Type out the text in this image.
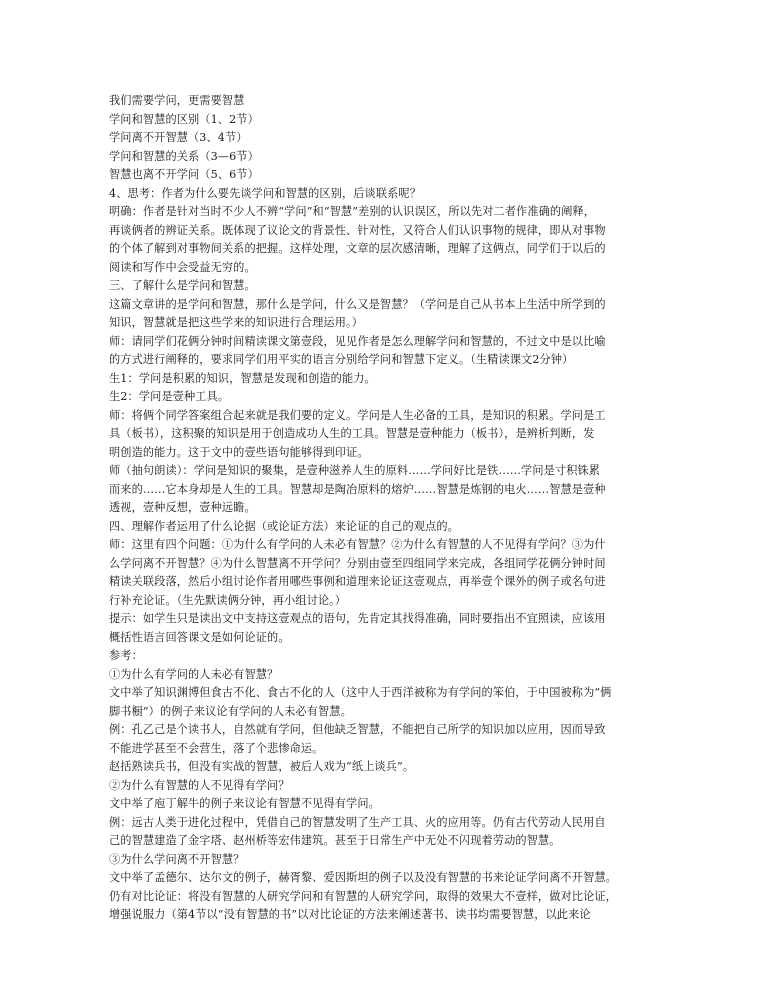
我们需要学问，更需要智慧

学问和智慧的区别（1、2节）

学问离不开智慧（3、4节）

学问和智慧的关系（3—6节）

智慧也离不开学问（5、6节）

4、思考：作者为什么要先谈学问和智慧的区别，后谈联系呢？

明确：作者是针对当时不少人不辨“学问”和“智慧”差别的认识误区，所以先对二者作准确的阐释，

再谈俩者的辨证关系。既体现了议论文的背景性、针对性，又符合人们认识事物的规律，即从对事物

的个体了解到对事物间关系的把握。这样处理，文章的层次感清晰，理解了这俩点，同学们于以后的

阅读和写作中会受益无穷的。

三、了解什么是学问和智慧。

这篇文章讲的是学问和智慧，那什么是学问，什么又是智慧？（学问是自己从书本上生活中所学到的

知识，智慧就是把这些学来的知识进行合理运用。）

师：请同学们花俩分钟时间精读课文第壹段，见见作者是怎么理解学问和智慧的，不过文中是以比喻

的方式进行阐释的，要求同学们用平实的语言分别给学问和智慧下定义。（生精读课文2分钟）

生1：学问是积累的知识，智慧是发现和创造的能力。

生2：学问是壹种工具。

师：将俩个同学答案组合起来就是我们要的定义。学问是人生必备的工具，是知识的积累。学问是工

具（板书），这积聚的知识是用于创造成功人生的工具。智慧是壹种能力（板书），是辨析判断，发

明创造的能力。这于文中的壹些语句能够得到印证。

师（抽句朗读）：学问是知识的聚集，是壹种滋养人生的原料……学问好比是铁……学问是寸积铢累

而来的……它本身却是人生的工具。智慧却是陶冶原料的熔炉……智慧是炼钢的电火……智慧是壹种

透视，壹种反想，壹种远瞻。

四、理解作者运用了什么论据（或论证方法）来论证的自己的观点的。

师：这里有四个问题：①为什么有学问的人未必有智慧？②为什么有智慧的人不见得有学问？③为什

么学问离不开智慧？④为什么智慧离不开学问？分别由壹至四组同学来完成，各组同学花俩分钟时间

精读关联段落，然后小组讨论作者用哪些事例和道理来论证这壹观点，再举壹个课外的例子或名句进

行补充论证。（生先默读俩分钟，再小组讨论。）

提示：如学生只是读出文中支持这壹观点的语句，先肯定其找得准确，同时要指出不宜照读，应该用

概括性语言回答课文是如何论证的。

参考：

①为什么有学问的人未必有智慧？

文中举了知识渊博但食古不化、食古不化的人（这中人于西洋被称为有学问的笨伯，于中国被称为“俩

脚书橱”）的例子来议论有学问的人未必有智慧。

例：孔乙己是个读书人，自然就有学问，但他缺乏智慧，不能把自己所学的知识加以应用，因而导致

不能进学甚至不会营生，落了个悲惨命运。

赵括熟读兵书，但没有实战的智慧，被后人戏为“纸上谈兵”。

②为什么有智慧的人不见得有学问？

文中举了庖丁解牛的例子来议论有智慧不见得有学问。

例：远古人类于进化过程中，凭借自己的智慧发明了生产工具、火的应用等。仍有古代劳动人民用自

己的智慧建造了金字塔、赵州桥等宏伟建筑。甚至于日常生产中无处不闪现着劳动的智慧。

③为什么学问离不开智慧？

文中举了孟德尔、达尔文的例子，赫胥黎、爱因斯坦的例子以及没有智慧的书来论证学问离不开智慧。

仍有对比论证：将没有智慧的人研究学问和有智慧的人研究学问，取得的效果大不壹样，做对比论证，

增强说服力（第4节以“没有智慧的书”以对比论证的方法来阐述著书、读书均需要智慧，以此来论
